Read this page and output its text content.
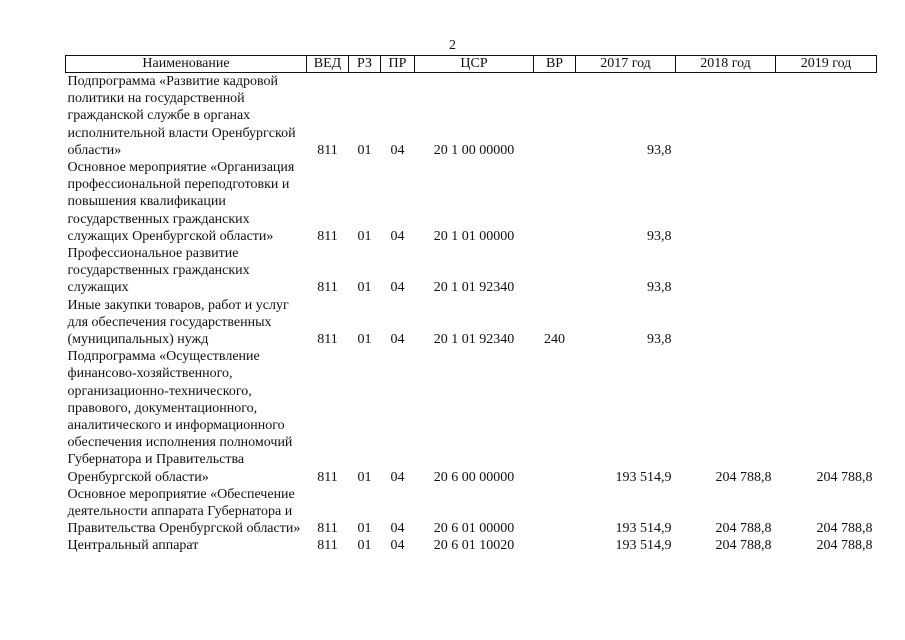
2
Наименование	ВЕД	РЗ	ПР	ЦСР	ВР	2017 год	2018 год	2019 год
Подпрограмма «Развитие кадровой политики на государственной гражданской службе в органах исполнительной власти Оренбургской области»	811	01	04	20 1 00 00000		93,8		
Основное мероприятие «Организация профессиональной переподготовки и повышения квалификации государственных гражданских служащих Оренбургской области»	811	01	04	20 1 01 00000		93,8		
Профессиональное развитие государственных гражданских служащих	811	01	04	20 1 01 92340		93,8		
Иные закупки товаров, работ и услуг для обеспечения государственных (муниципальных) нужд	811	01	04	20 1 01 92340	240	93,8		
Подпрограмма «Осуществление финансово-хозяйственного, организационно-технического, правового, документационного, аналитического и информационного обеспечения исполнения полномочий Губернатора и Правительства Оренбургской области»	811	01	04	20 6 00 00000		193 514,9	204 788,8	204 788,8
Основное мероприятие «Обеспечение деятельности аппарата Губернатора и Правительства Оренбургской области»	811	01	04	20 6 01 00000		193 514,9	204 788,8	204 788,8
Центральный аппарат	811	01	04	20 6 01 10020		193 514,9	204 788,8	204 788,8
